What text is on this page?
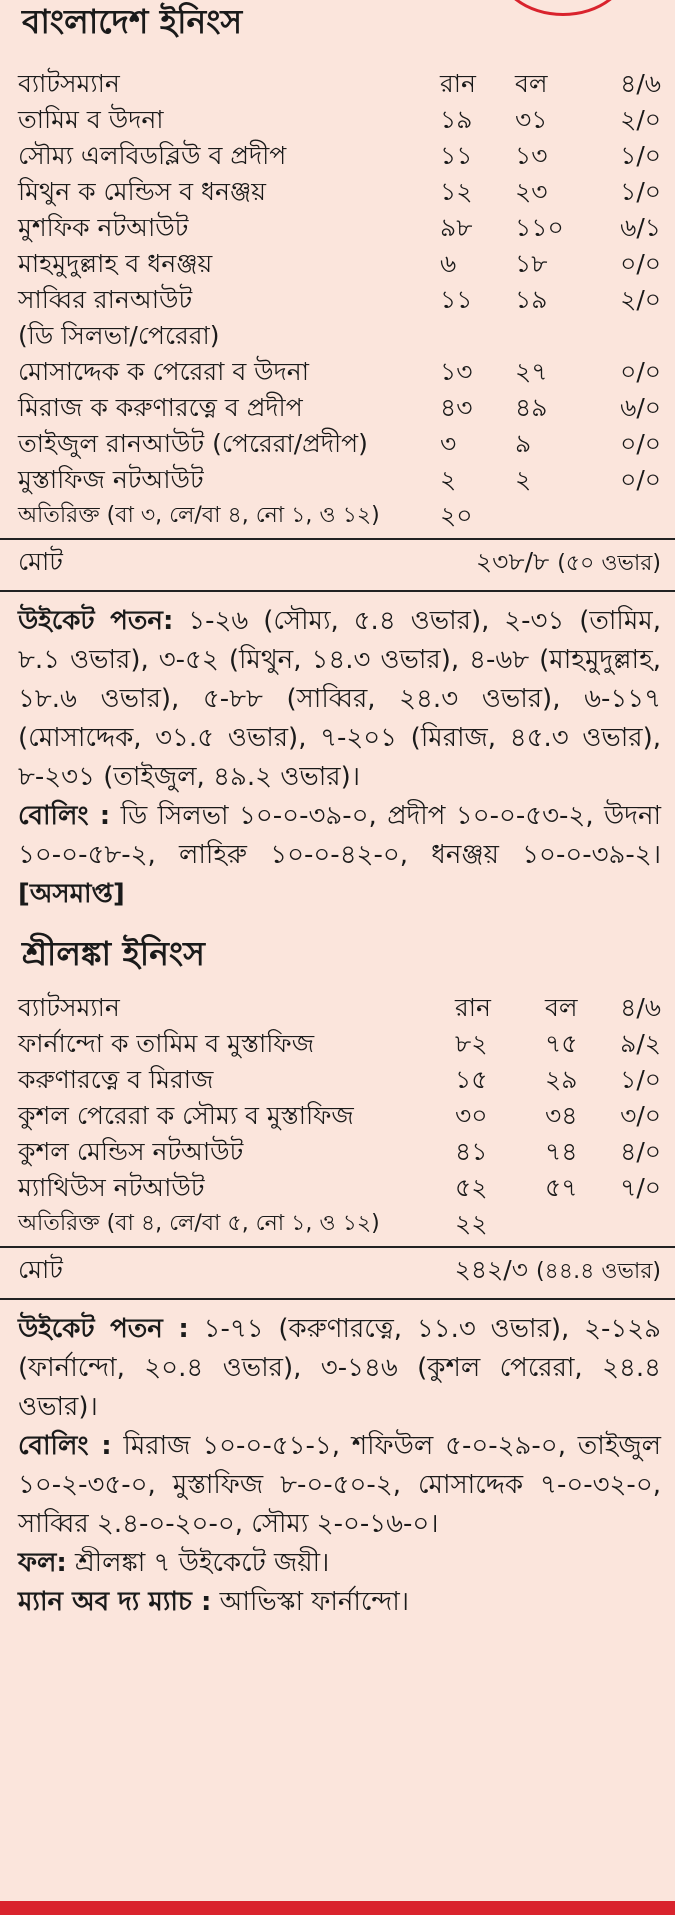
বাংলাদেশ ইনিংস
ব্যাটসম্যান	রান	বল	৪/৬
তামিম ব উদনা	১৯	৩১	২/০
সৌম্য এলবিডব্লিউ ব প্রদীপ	১১	১৩	১/০
মিথুন ক মেন্ডিস ব ধনঞ্জয়	১২	২৩	১/০
মুশফিক নটআউট	৯৮	১১০	৬/১
মাহমুদুল্লাহ ব ধনঞ্জয়	৬	১৮	০/০
সাব্বির রানআউট	১১	১৯	২/০
(ডি সিলভা/পেরেরা)			
মোসাদ্দেক ক পেরেরা ব উদনা	১৩	২৭	০/০
মিরাজ ক করুণারত্নে ব প্রদীপ	৪৩	৪৯	৬/০
তাইজুল রানআউট (পেরেরা/প্রদীপ)	৩	৯	০/০
মুস্তাফিজ নটআউট	২	২	০/০
অতিরিক্ত (বা ৩, লে/বা ৪, নো ১, ও ১২)	২০		
মোট	২৩৮/৮ (৫০ ওভার)

উইকেট পতন: ১-২৬ (সৌম্য, ৫.৪ ওভার), ২-৩১ (তামিম, ৮.১ ওভার), ৩-৫২ (মিথুন, ১৪.৩ ওভার), ৪-৬৮ (মাহমুদুল্লাহ, ১৮.৬ ওভার), ৫-৮৮ (সাব্বির, ২৪.৩ ওভার), ৬-১১৭ (মোসাদ্দেক, ৩১.৫ ওভার), ৭-২০১ (মিরাজ, ৪৫.৩ ওভার), ৮-২৩১ (তাইজুল, ৪৯.২ ওভার)।

বোলিং : ডি সিলভা ১০-০-৩৯-০, প্রদীপ ১০-০-৫৩-২, উদনা ১০-০-৫৮-২, লাহিরু ১০-০-৪২-০, ধনঞ্জয় ১০-০-৩৯-২। [অসমাপ্ত]

শ্রীলঙ্কা ইনিংস
ব্যাটসম্যান	রান	বল	৪/৬
ফার্নান্দো ক তামিম ব মুস্তাফিজ	৮২	৭৫	৯/২
করুণারত্নে ব মিরাজ	১৫	২৯	১/০
কুশল পেরেরা ক সৌম্য ব মুস্তাফিজ	৩০	৩৪	৩/০
কুশল মেন্ডিস নটআউট	৪১	৭৪	৪/০
ম্যাথিউস নটআউট	৫২	৫৭	৭/০
অতিরিক্ত (বা ৪, লে/বা ৫, নো ১, ও ১২)	২২		
মোট	২৪২/৩ (৪৪.৪ ওভার)

উইকেট পতন : ১-৭১ (করুণারত্নে, ১১.৩ ওভার), ২-১২৯ (ফার্নান্দো, ২০.৪ ওভার), ৩-১৪৬ (কুশল পেরেরা, ২৪.৪ ওভার)।

বোলিং : মিরাজ ১০-০-৫১-১, শফিউল ৫-০-২৯-০, তাইজুল ১০-২-৩৫-০, মুস্তাফিজ ৮-০-৫০-২, মোসাদ্দেক ৭-০-৩২-০, সাব্বির ২.৪-০-২০-০, সৌম্য ২-০-১৬-০।

ফল: শ্রীলঙ্কা ৭ উইকেটে জয়ী।

ম্যান অব দ্য ম্যাচ : আভিস্কা ফার্নান্দো।
